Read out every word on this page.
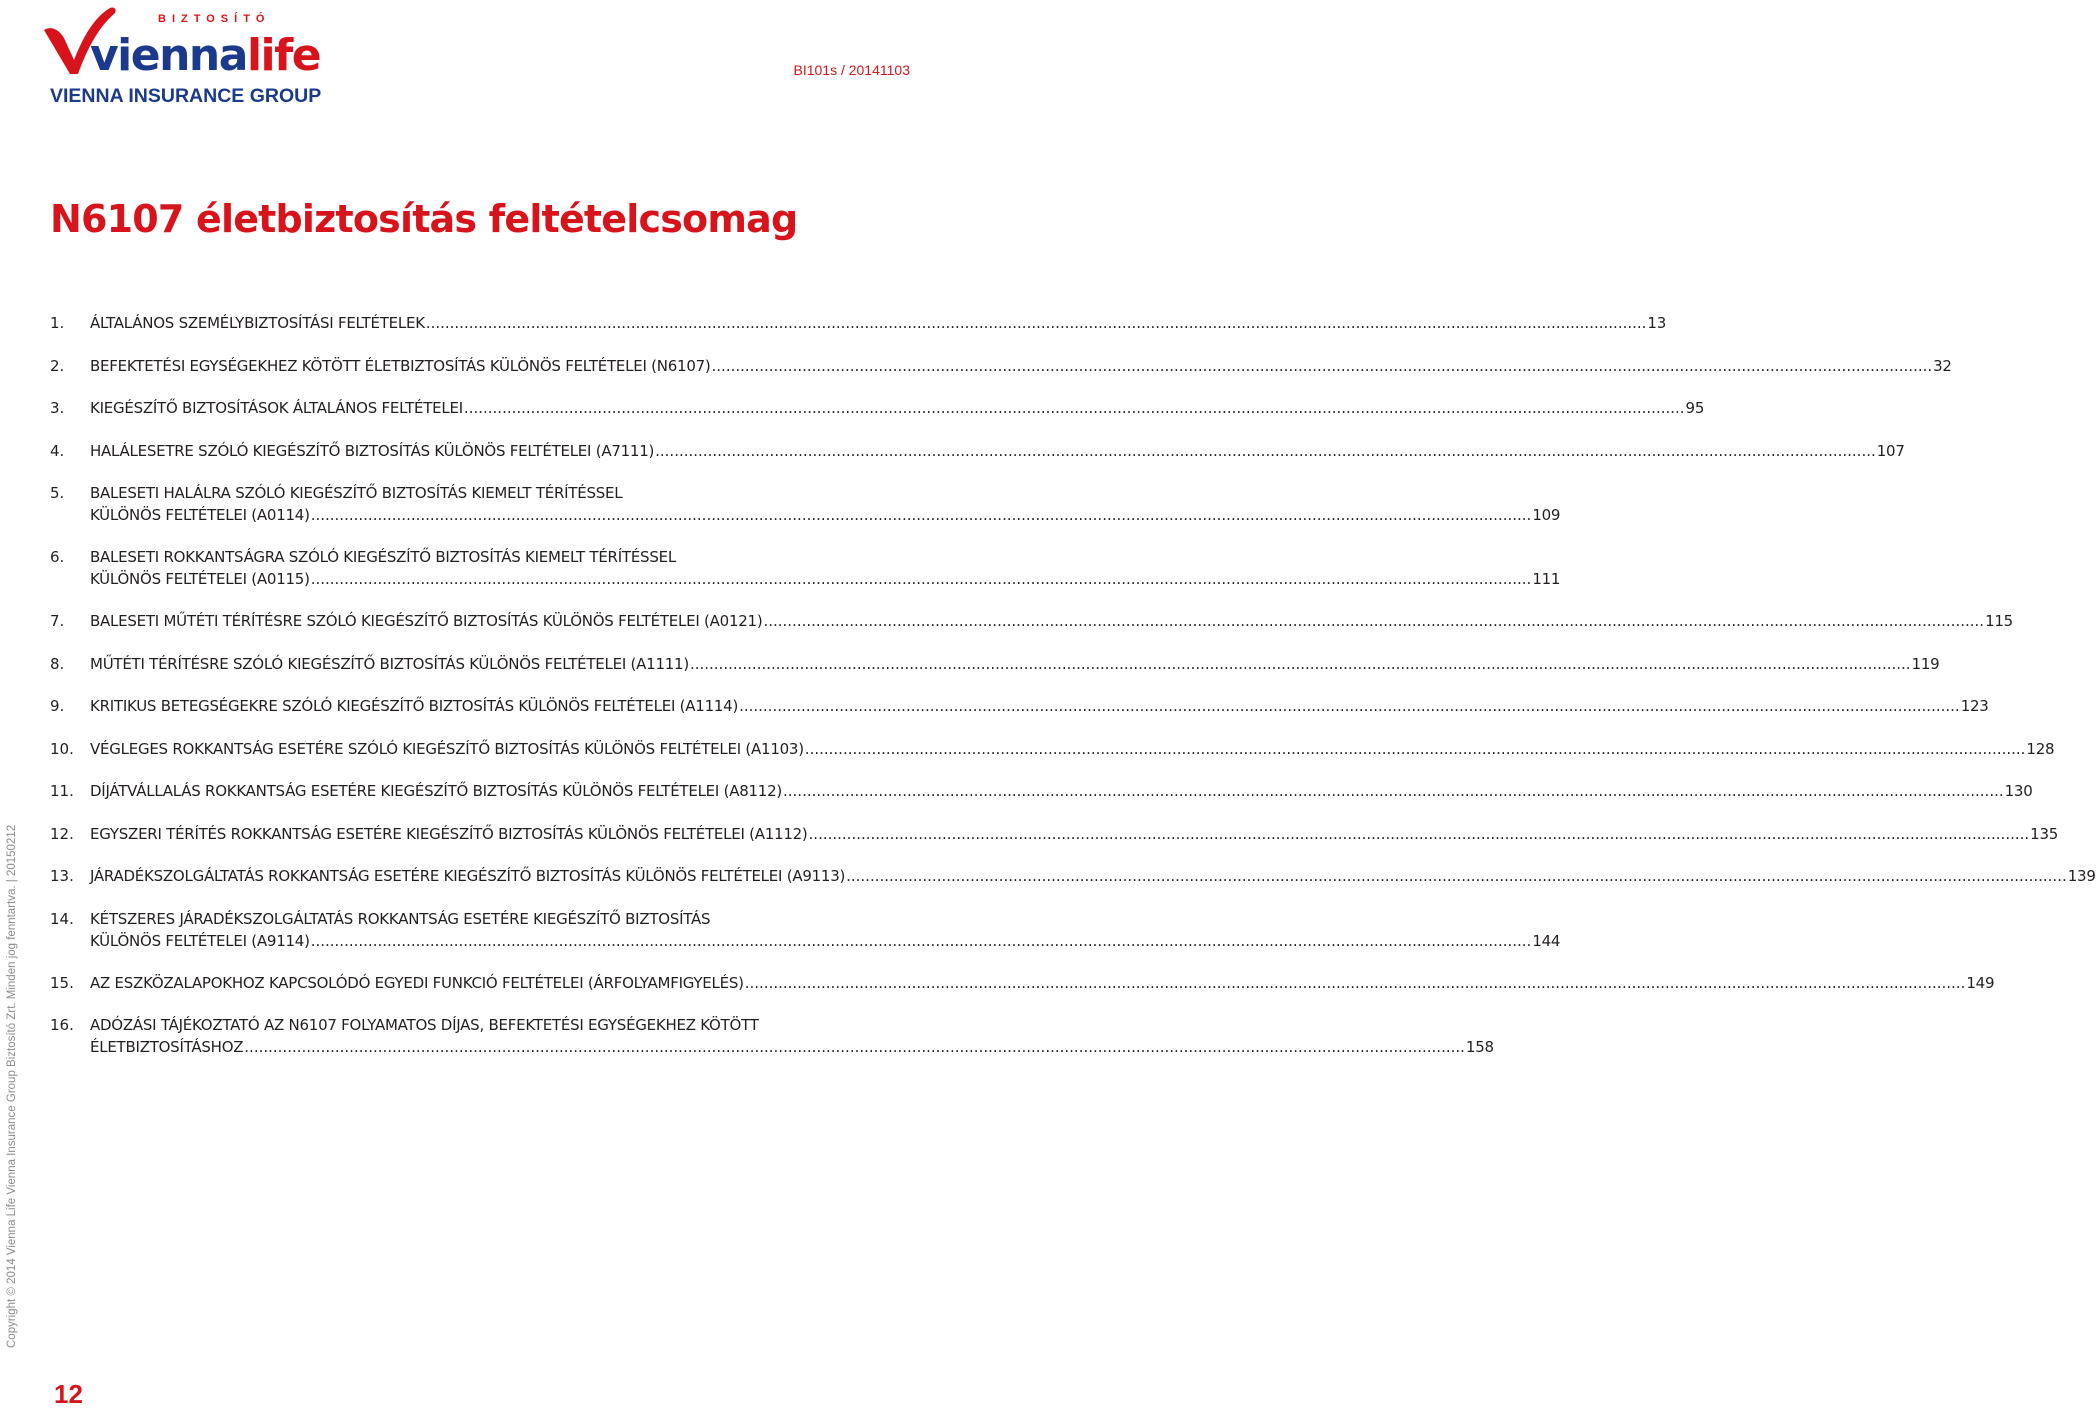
BIZTOSÍTÓ
viennalife
VIENNA INSURANCE GROUP
BI101s / 20141103
N6107 életbiztosítás feltételcsomag
1.	ÁLTALÁNOS SZEMÉLYBIZTOSÍTÁSI FELTÉTELEK .....	13
2.	BEFEKTETÉSI EGYSÉGEKHEZ KÖTÖTT ÉLETBIZTOSÍTÁS KÜLÖNÖS FELTÉTELEI (N6107) .....	32
3.	KIEGÉSZÍTŐ BIZTOSÍTÁSOK ÁLTALÁNOS FELTÉTELEI .....	95
4.	HALÁLESETRE SZÓLÓ KIEGÉSZÍTŐ BIZTOSÍTÁS KÜLÖNÖS FELTÉTELEI (A7111) .....	107
5.	BALESETI HALÁLRA SZÓLÓ KIEGÉSZÍTŐ BIZTOSÍTÁS KIEMELT TÉRÍTÉSSEL
KÜLÖNÖS FELTÉTELEI (A0114) .....	109
6.	BALESETI ROKKANTSÁGRA SZÓLÓ KIEGÉSZÍTŐ BIZTOSÍTÁS KIEMELT TÉRÍTÉSSEL
KÜLÖNÖS FELTÉTELEI (A0115) .....	111
7.	BALESETI MŰTÉTI TÉRÍTÉSRE SZÓLÓ KIEGÉSZÍTŐ BIZTOSÍTÁS KÜLÖNÖS FELTÉTELEI (A0121) .....	115
8.	MŰTÉTI TÉRÍTÉSRE SZÓLÓ KIEGÉSZÍTŐ BIZTOSÍTÁS KÜLÖNÖS FELTÉTELEI (A1111) .....	119
9.	KRITIKUS BETEGSÉGEKRE SZÓLÓ KIEGÉSZÍTŐ BIZTOSÍTÁS KÜLÖNÖS FELTÉTELEI (A1114) .....	123
10.	VÉGLEGES ROKKANTSÁG ESETÉRE SZÓLÓ KIEGÉSZÍTŐ BIZTOSÍTÁS KÜLÖNÖS FELTÉTELEI (A1103) .....	128
11.	DÍJÁTVÁLLALÁS ROKKANTSÁG ESETÉRE KIEGÉSZÍTŐ BIZTOSÍTÁS KÜLÖNÖS FELTÉTELEI (A8112) .....	130
12.	EGYSZERI TÉRÍTÉS ROKKANTSÁG ESETÉRE KIEGÉSZÍTŐ BIZTOSÍTÁS KÜLÖNÖS FELTÉTELEI (A1112) .....	135
13.	JÁRADÉKSZOLGÁLTATÁS ROKKANTSÁG ESETÉRE KIEGÉSZÍTŐ BIZTOSÍTÁS KÜLÖNÖS FELTÉTELEI (A9113) .....	139
14.	KÉTSZERES JÁRADÉKSZOLGÁLTATÁS ROKKANTSÁG ESETÉRE KIEGÉSZÍTŐ BIZTOSÍTÁS
KÜLÖNÖS FELTÉTELEI (A9114) .....	144
15.	AZ ESZKÖZALAPOKHOZ KAPCSOLÓDÓ EGYEDI FUNKCIÓ FELTÉTELEI (ÁRFOLYAMFIGYELÉS) .....	149
16.	ADÓZÁSI TÁJÉKOZTATÓ AZ N6107 FOLYAMATOS DÍJAS, BEFEKTETÉSI EGYSÉGEKHEZ KÖTÖTT
ÉLETBIZTOSÍTÁSHOZ .....	158
Copyright © 2014 Vienna Life Vienna Insurance Group Biztosító Zrt. Minden jog fenntartva. | 20150212
12
